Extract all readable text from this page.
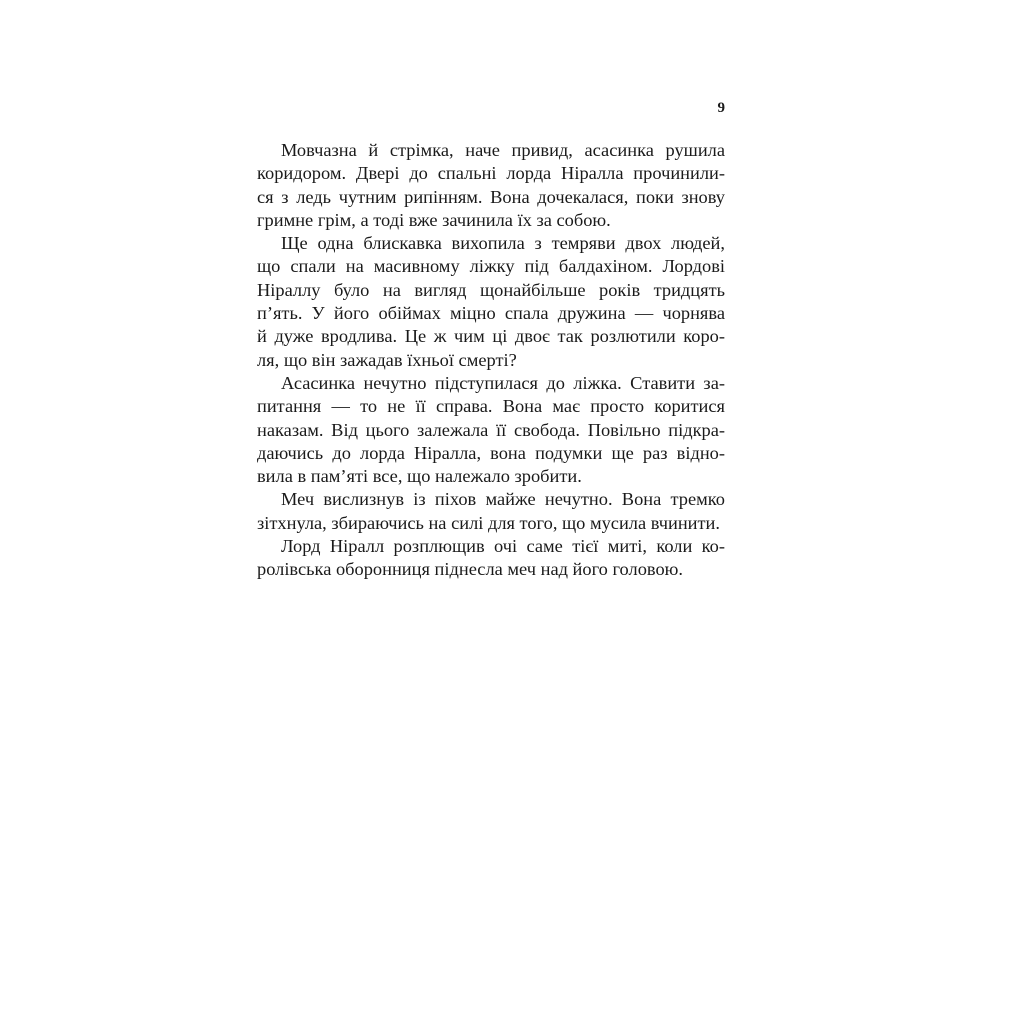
9
Мовчазна й стрімка, наче привид, асасинка рушила
коридором. Двері до спальні лорда Ніралла прочинили-
ся з ледь чутним рипінням. Вона дочекалася, поки знову
гримне грім, а тоді вже зачинила їх за собою.
Ще одна блискавка вихопила з темряви двох людей,
що спали на масивному ліжку під балдахіном. Лордові
Ніраллу було на вигляд щонайбільше років тридцять
п’ять. У його обіймах міцно спала дружина — чорнява
й дуже вродлива. Це ж чим ці двоє так розлютили коро-
ля, що він зажадав їхньої смерті?
Асасинка нечутно підступилася до ліжка. Ставити за-
питання — то не її справа. Вона має просто коритися
наказам. Від цього залежала її свобода. Повільно підкра-
даючись до лорда Ніралла, вона подумки ще раз відно-
вила в пам’яті все, що належало зробити.
Меч вислизнув із піхов майже нечутно. Вона тремко
зітхнула, збираючись на силі для того, що мусила вчинити.
Лорд Ніралл розплющив очі саме тієї миті, коли ко-
ролівська оборонниця піднесла меч над його головою.
